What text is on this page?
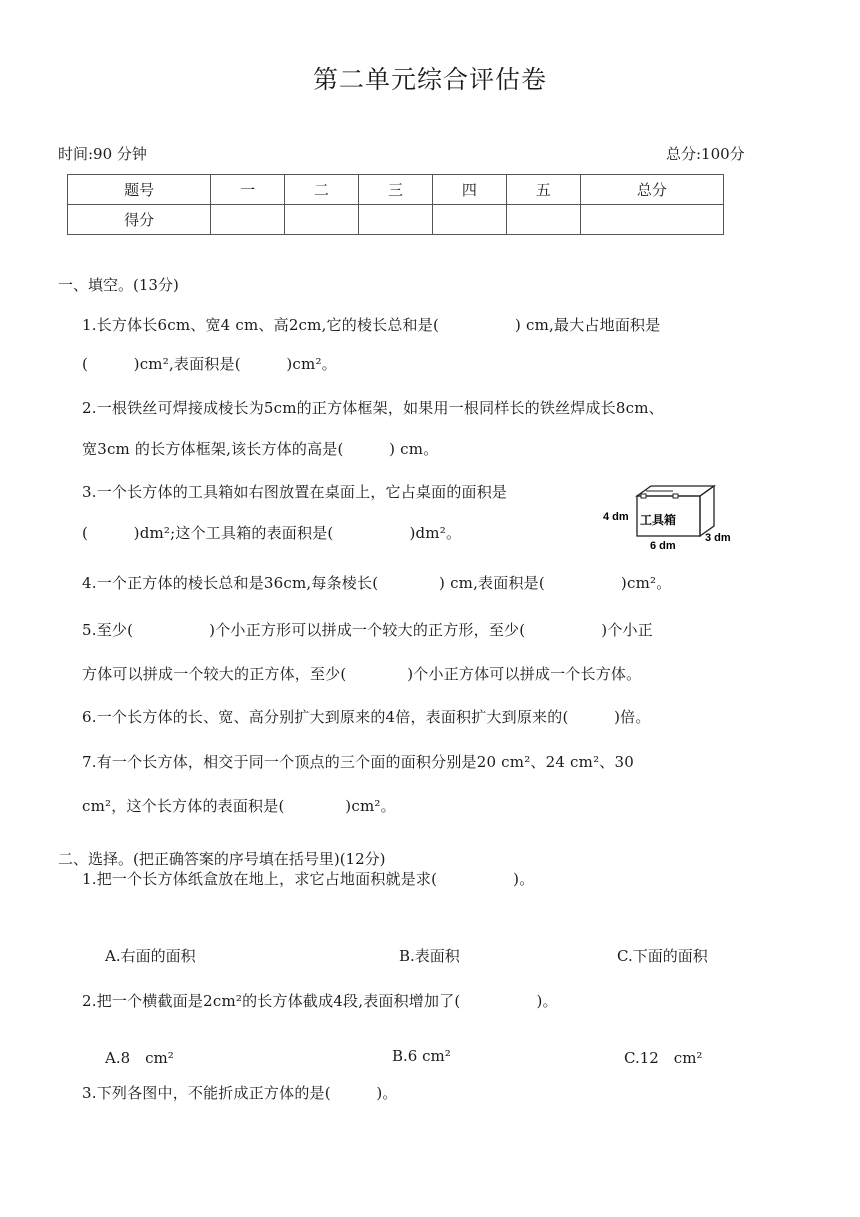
第二单元综合评估卷
时间:90 分钟	总分:100分
题号	一	二	三	四	五	总分
得分						
一、填空。(13分)
1.长方体长6cm、宽4 cm、高2cm,它的棱长总和是(　　　　　) cm,最大占地面积是
(　　　)cm²,表面积是(　　　)cm²。
2.一根铁丝可焊接成棱长为5cm的正方体框架，如果用一根同样长的铁丝焊成长8cm、
宽3cm 的长方体框架,该长方体的高是(　　　) cm。
3.一个长方体的工具箱如右图放置在桌面上，它占桌面的面积是
(　　　)dm²;这个工具箱的表面积是(　　　　　)dm²。
工具箱
4 dm
6 dm
3 dm
4.一个正方体的棱长总和是36cm,每条棱长(　　　　) cm,表面积是(　　　　　)cm²。
5.至少(　　　　　)个小正方形可以拼成一个较大的正方形，至少(　　　　　)个小正
方体可以拼成一个较大的正方体，至少(　　　　)个小正方体可以拼成一个长方体。
6.一个长方体的长、宽、高分别扩大到原来的4倍，表面积扩大到原来的(　　　)倍。
7.有一个长方体，相交于同一个顶点的三个面的面积分别是20 cm²、24 cm²、30
cm²，这个长方体的表面积是(　　　　)cm²。
二、选择。(把正确答案的序号填在括号里)(12分)
1.把一个长方体纸盒放在地上，求它占地面积就是求(　　　　　)。
A.右面的面积	B.表面积	C.下面的面积
2.把一个横截面是2cm²的长方体截成4段,表面积增加了(　　　　　)。
A.8　cm²	B.6 cm²	C.12　cm²
3.下列各图中，不能折成正方体的是(　　　)。
